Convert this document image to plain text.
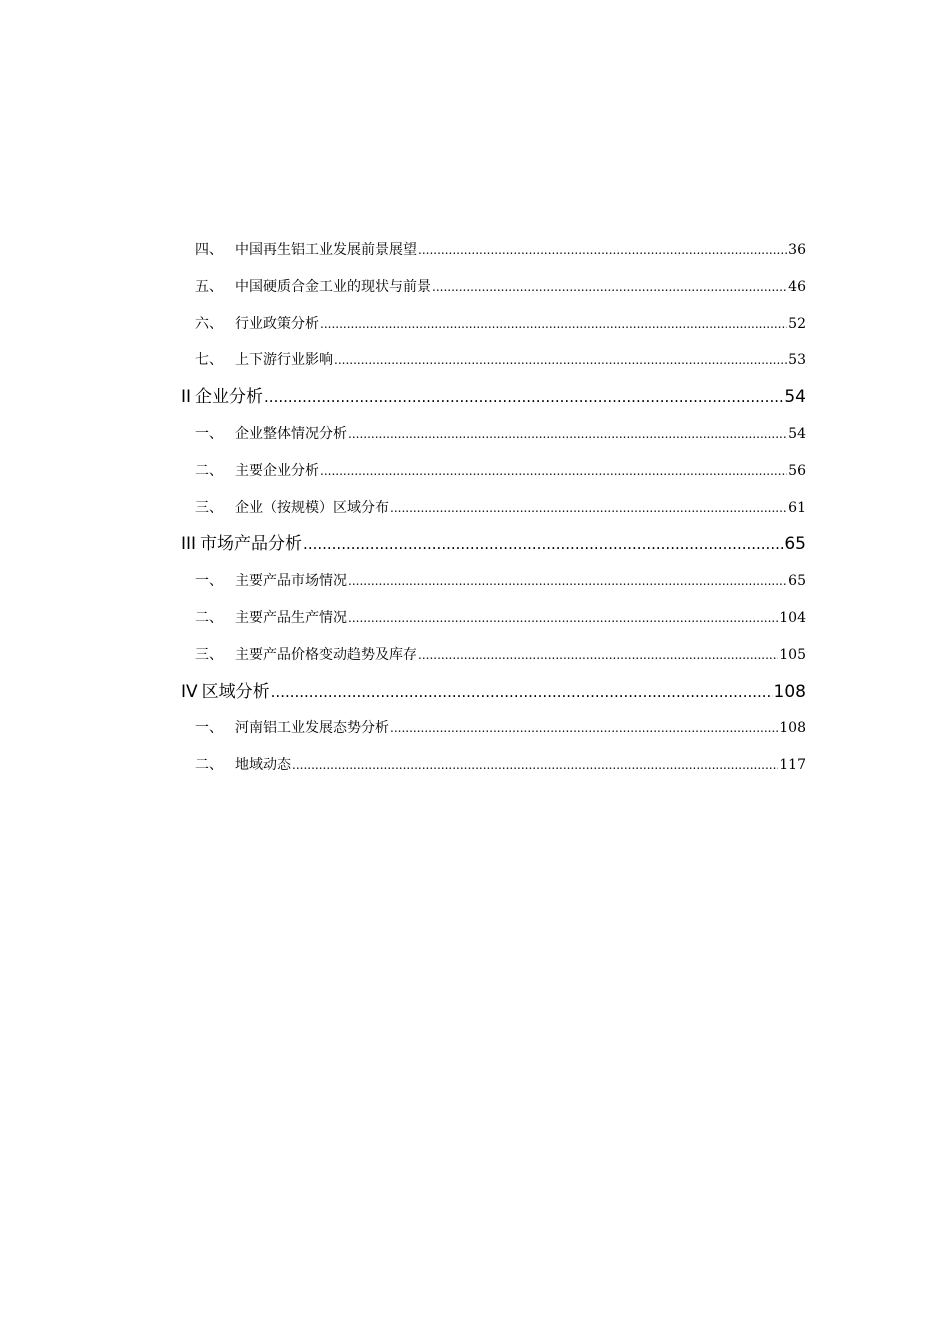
四、 中国再生铝工业发展前景展望 .....	36
五、 中国硬质合金工业的现状与前景 .....	46
六、 行业政策分析 .....	52
七、 上下游行业影响 .....	53
II 企业分析 .....	54
一、 企业整体情况分析 .....	54
二、 主要企业分析 .....	56
三、 企业（按规模）区域分布 .....	61
III 市场产品分析 .....	65
一、 主要产品市场情况 .....	65
二、 主要产品生产情况 .....	104
三、 主要产品价格变动趋势及库存 .....	105
IV 区域分析 .....	108
一、 河南铝工业发展态势分析 .....	108
二、 地域动态 .....	117
